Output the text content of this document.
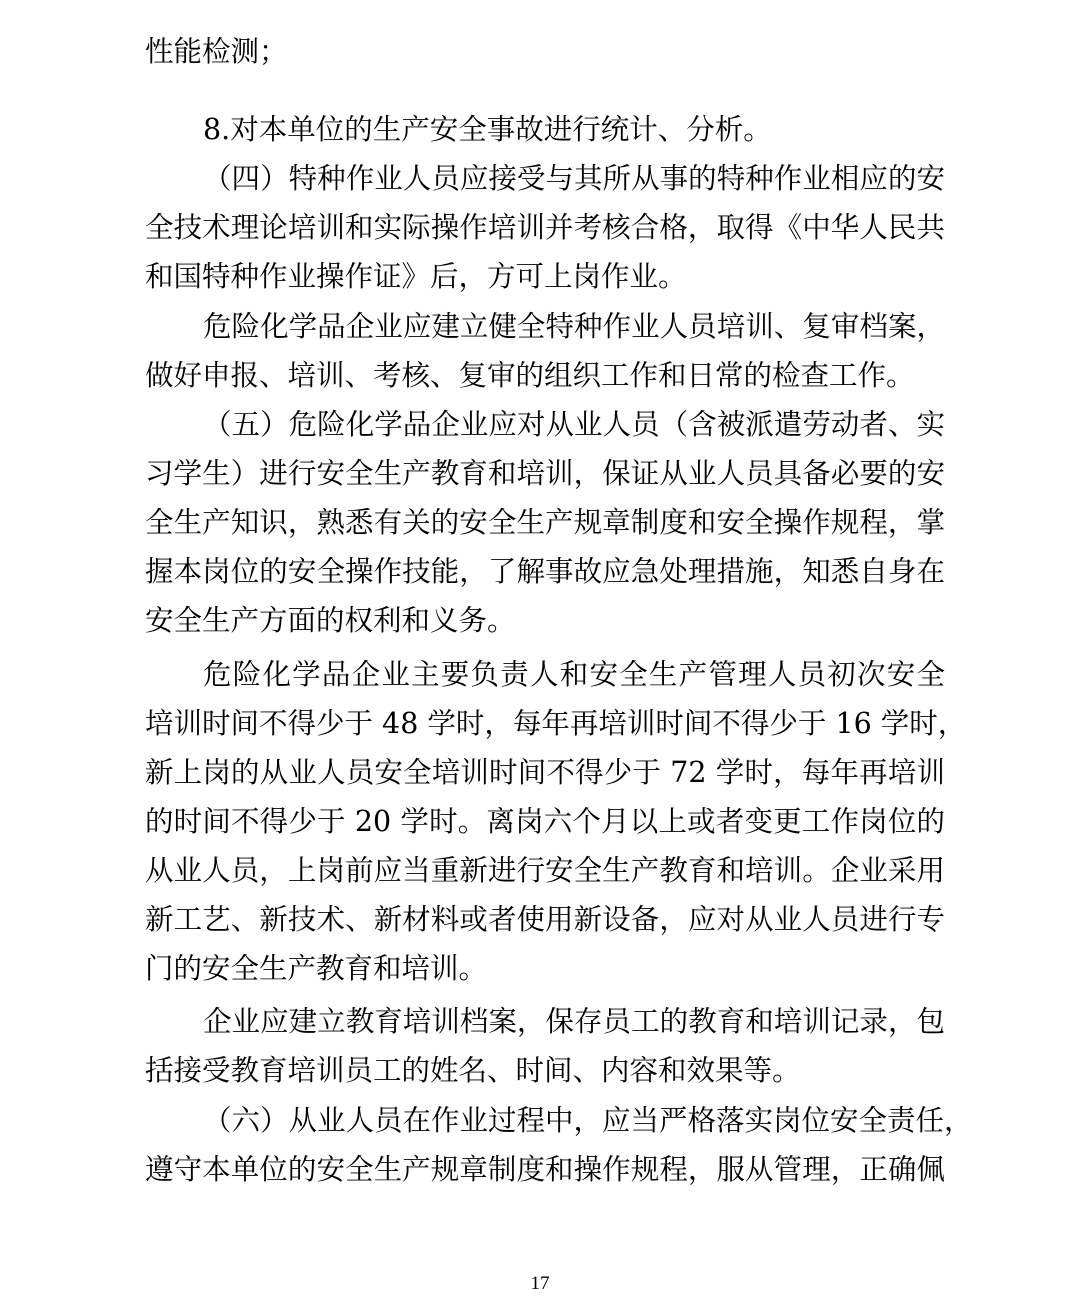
性能检测；
8.对本单位的生产安全事故进行统计、分析。
（四）特种作业人员应接受与其所从事的特种作业相应的安
全技术理论培训和实际操作培训并考核合格，取得《中华人民共
和国特种作业操作证》后，方可上岗作业。
危险化学品企业应建立健全特种作业人员培训、复审档案，
做好申报、培训、考核、复审的组织工作和日常的检查工作。
（五）危险化学品企业应对从业人员（含被派遣劳动者、实
习学生）进行安全生产教育和培训，保证从业人员具备必要的安
全生产知识，熟悉有关的安全生产规章制度和安全操作规程，掌
握本岗位的安全操作技能，了解事故应急处理措施，知悉自身在
安全生产方面的权利和义务。
危险化学品企业主要负责人和安全生产管理人员初次安全
培训时间不得少于 48 学时，每年再培训时间不得少于 16 学时，
新上岗的从业人员安全培训时间不得少于 72 学时，每年再培训
的时间不得少于 20 学时。离岗六个月以上或者变更工作岗位的
从业人员，上岗前应当重新进行安全生产教育和培训。企业采用
新工艺、新技术、新材料或者使用新设备，应对从业人员进行专
门的安全生产教育和培训。
企业应建立教育培训档案，保存员工的教育和培训记录，包
括接受教育培训员工的姓名、时间、内容和效果等。
（六）从业人员在作业过程中，应当严格落实岗位安全责任，
遵守本单位的安全生产规章制度和操作规程，服从管理，正确佩
17
